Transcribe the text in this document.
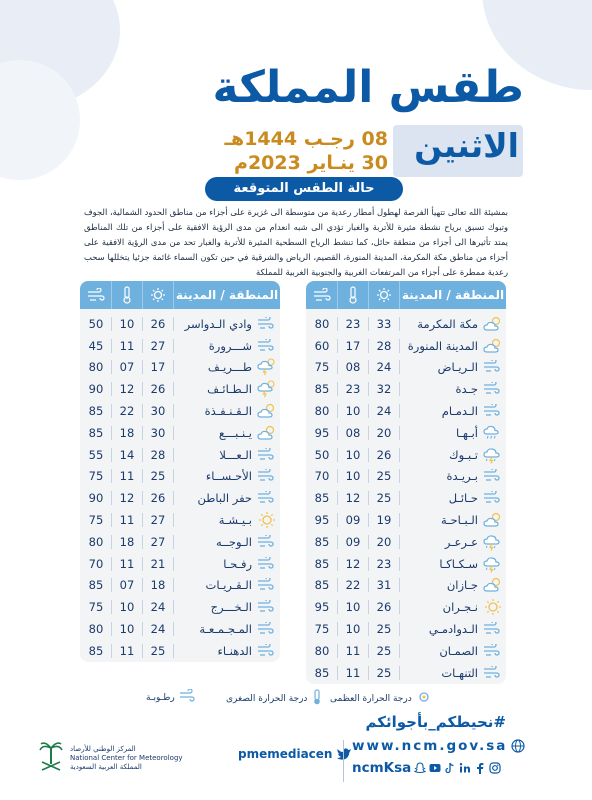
طقس المملكة
الاثنين
08 رجـب 1444هـ
30 ينـاير 2023م
حالة الطقس المتوقعة
بمشيئة الله تعالى تتهيأ الفرصة لهطول أمطار رعدية من متوسطة الى غزيرة على أجزاء من مناطق الحدود الشمالية، الجوف وتبوك تسبق برياح نشطة مثيرة للأتربة والغبار تؤدي الى شبه انعدام من مدى الرؤية الافقية على أجزاء من تلك المناطق يمتد تأثيرها الى أجزاء من منطقة حائل، كما تنشط الرياح السطحية المثيرة للأتربة والغبار تحد من مدى الرؤية الافقية على أجزاء من مناطق مكة المكرمة، المدينة المنورة، القصيم، الرياض والشرقية في حين تكون السماء غائمة جزئيا يتخللها سحب رعدية ممطرة على أجزاء من المرتفعات الغربية والجنوبية الغربية للمملكة
المنطقة / المدينة
مكة المكرمة
33
23
80
المدينة المنورة
28
17
60
الـريـاض
24
08
75
جـدة
32
23
85
الـدمـام
24
10
80
أبـهـا
20
08
95
تـبـوك
26
10
50
بـريـدة
25
10
70
حـائـل
25
12
85
الـبـاحـة
19
09
95
عـرعـر
20
09
85
سـكـاكـا
23
12
85
جـازان
31
22
85
نـجـران
26
10
95
الـدوادمـي
25
10
75
الصمـان
25
11
80
التنهـات
25
11
85
المنطقة / المدينة
وادي الـدواسر
26
10
50
شـــرورة
27
11
45
طـــريـف
17
07
80
الـطـائـف
26
12
90
الـقـنـفـذة
30
22
85
يـنـبـــع
30
18
85
الـعـــلا
28
14
55
الأحـســاء
25
11
75
حفر الباطن
26
12
90
بـيـشـة
27
11
75
الـوجــه
27
18
80
رفـحـا
21
11
70
الـقـريـات
18
07
85
الـخـــرج
24
10
75
المـجـمـعـة
24
10
80
الدهنـاء
25
11
85
درجة الحرارة العظمى
درجة الحرارة الصغرى
رطـوبـة
#نحيطكم_بأجوائكم
المركز الوطني للأرصاد
National Center for Meteorology
المملكة العربية السعودية
pmemediacen www.ncm.gov.sa
ncmKsa
